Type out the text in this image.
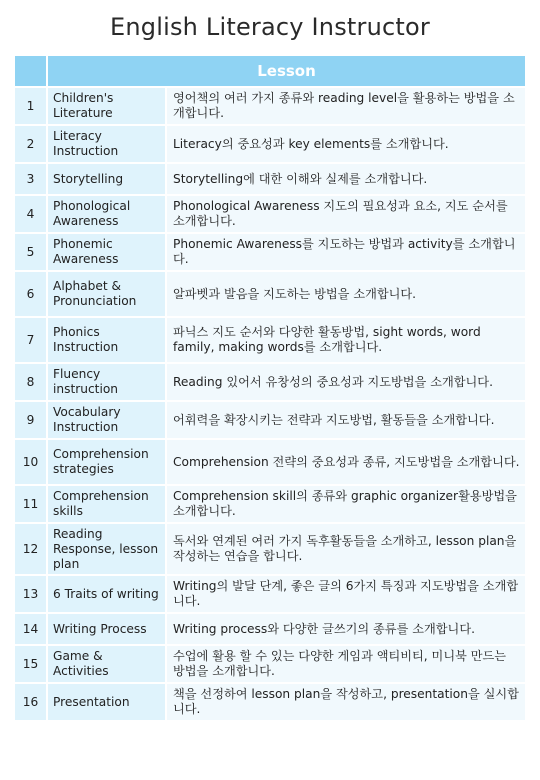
English Literacy Instructor
	Lesson	
1	Children's Literature	영어책의 여러 가지 종류와 reading level을 활용하는 방법을 소개합니다.
2	Literacy Instruction	Literacy의 중요성과 key elements를 소개합니다.
3	Storytelling	Storytelling에 대한 이해와 실제를 소개합니다.
4	Phonological Awareness	Phonological Awareness 지도의 필요성과 요소, 지도 순서를 소개합니다.
5	Phonemic Awareness	Phonemic Awareness를 지도하는 방법과 activity를 소개합니다.
6	Alphabet & Pronunciation	알파벳과 발음을 지도하는 방법을 소개합니다.
7	Phonics Instruction	파닉스 지도 순서와 다양한 활동방법, sight words, word family, making words를 소개합니다.
8	Fluency instruction	Reading 있어서 유창성의 중요성과 지도방법을 소개합니다.
9	Vocabulary Instruction	어휘력을 확장시키는 전략과 지도방법, 활동들을 소개합니다.
10	Comprehension strategies	Comprehension 전략의 중요성과 종류, 지도방법을 소개합니다.
11	Comprehension skills	Comprehension skill의 종류와 graphic organizer활용방법을 소개합니다.
12	Reading Response, lesson plan	독서와 연계된 여러 가지 독후활동들을 소개하고, lesson plan을 작성하는 연습을 합니다.
13	6 Traits of writing	Writing의 발달 단계, 좋은 글의 6가지 특징과 지도방법을 소개합니다.
14	Writing Process	Writing process와 다양한 글쓰기의 종류를 소개합니다.
15	Game & Activities	수업에 활용 할 수 있는 다양한 게임과 액티비티, 미니북 만드는 방법을 소개합니다.
16	Presentation	책을 선정하여 lesson plan을 작성하고, presentation을 실시합니다.
